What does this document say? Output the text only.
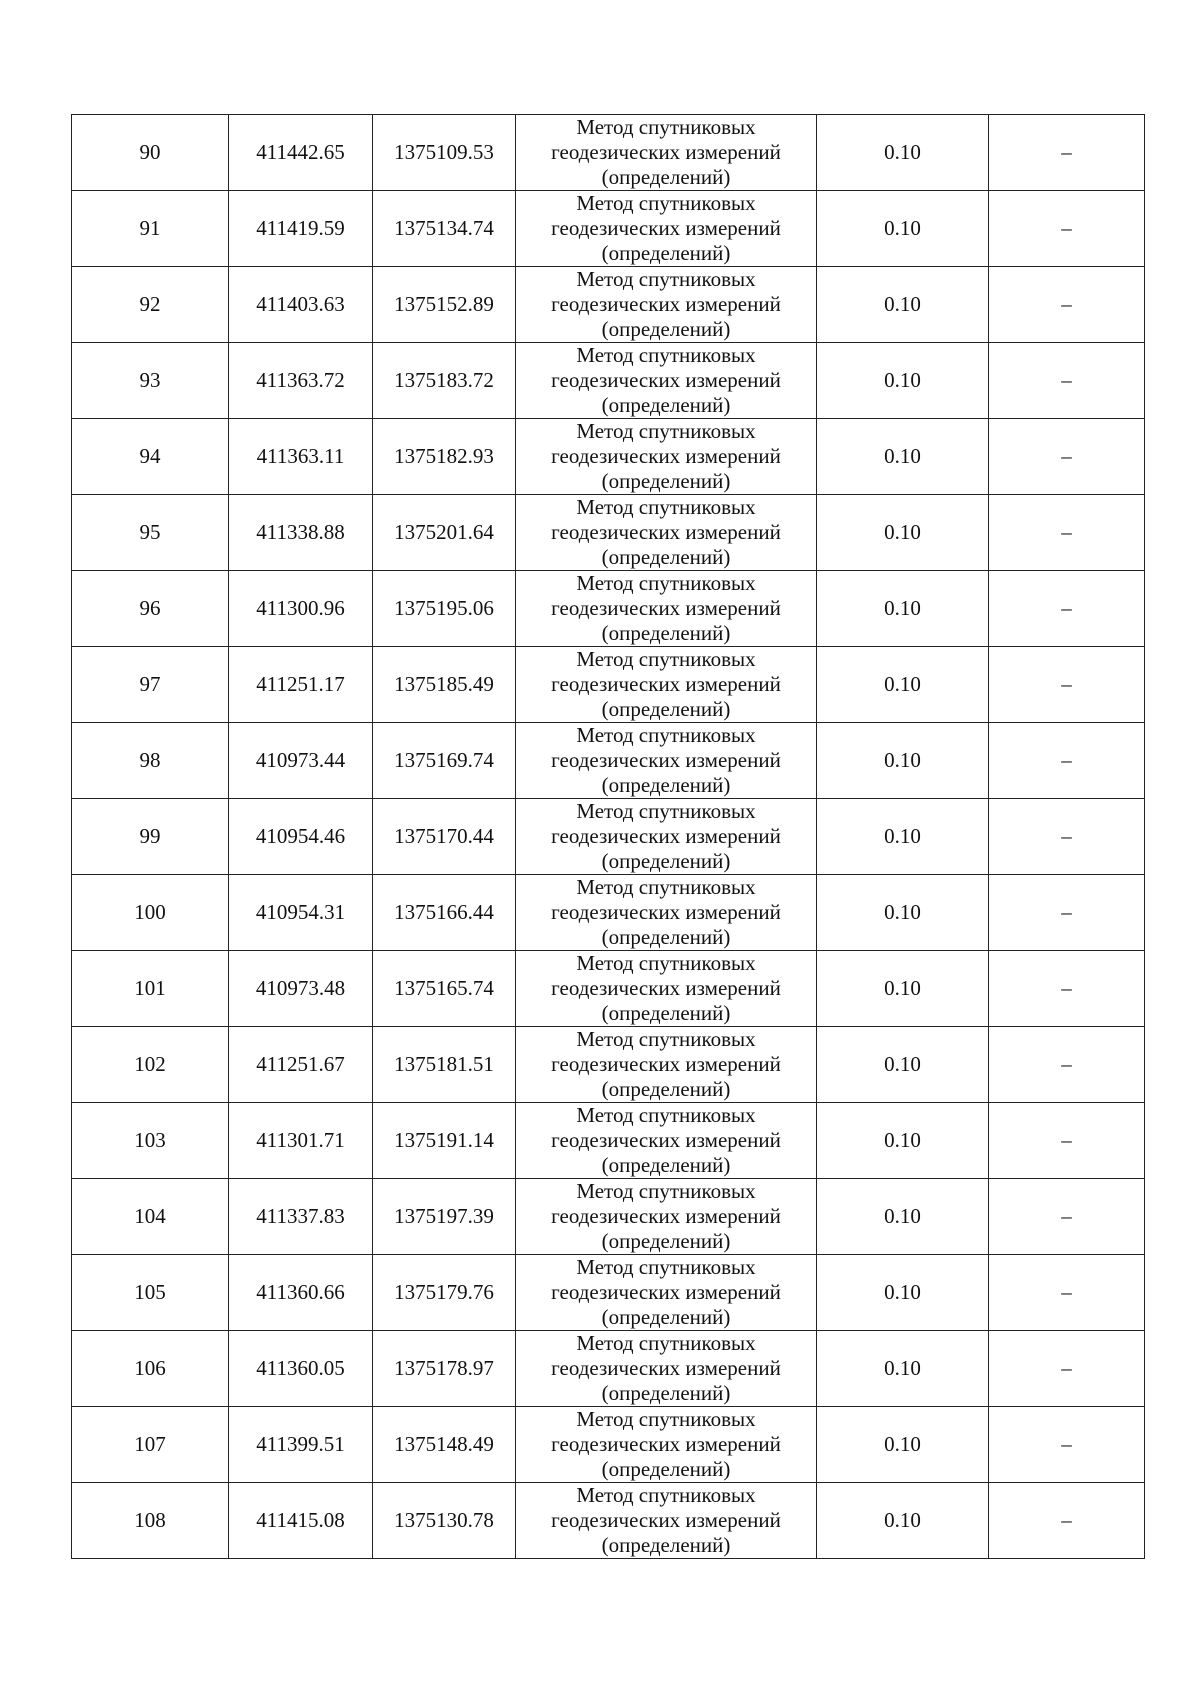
90	411442.65	1375109.53	Метод спутниковых геодезических измерений (определений)	0.10	–
91	411419.59	1375134.74	Метод спутниковых геодезических измерений (определений)	0.10	–
92	411403.63	1375152.89	Метод спутниковых геодезических измерений (определений)	0.10	–
93	411363.72	1375183.72	Метод спутниковых геодезических измерений (определений)	0.10	–
94	411363.11	1375182.93	Метод спутниковых геодезических измерений (определений)	0.10	–
95	411338.88	1375201.64	Метод спутниковых геодезических измерений (определений)	0.10	–
96	411300.96	1375195.06	Метод спутниковых геодезических измерений (определений)	0.10	–
97	411251.17	1375185.49	Метод спутниковых геодезических измерений (определений)	0.10	–
98	410973.44	1375169.74	Метод спутниковых геодезических измерений (определений)	0.10	–
99	410954.46	1375170.44	Метод спутниковых геодезических измерений (определений)	0.10	–
100	410954.31	1375166.44	Метод спутниковых геодезических измерений (определений)	0.10	–
101	410973.48	1375165.74	Метод спутниковых геодезических измерений (определений)	0.10	–
102	411251.67	1375181.51	Метод спутниковых геодезических измерений (определений)	0.10	–
103	411301.71	1375191.14	Метод спутниковых геодезических измерений (определений)	0.10	–
104	411337.83	1375197.39	Метод спутниковых геодезических измерений (определений)	0.10	–
105	411360.66	1375179.76	Метод спутниковых геодезических измерений (определений)	0.10	–
106	411360.05	1375178.97	Метод спутниковых геодезических измерений (определений)	0.10	–
107	411399.51	1375148.49	Метод спутниковых геодезических измерений (определений)	0.10	–
108	411415.08	1375130.78	Метод спутниковых геодезических измерений (определений)	0.10	–
